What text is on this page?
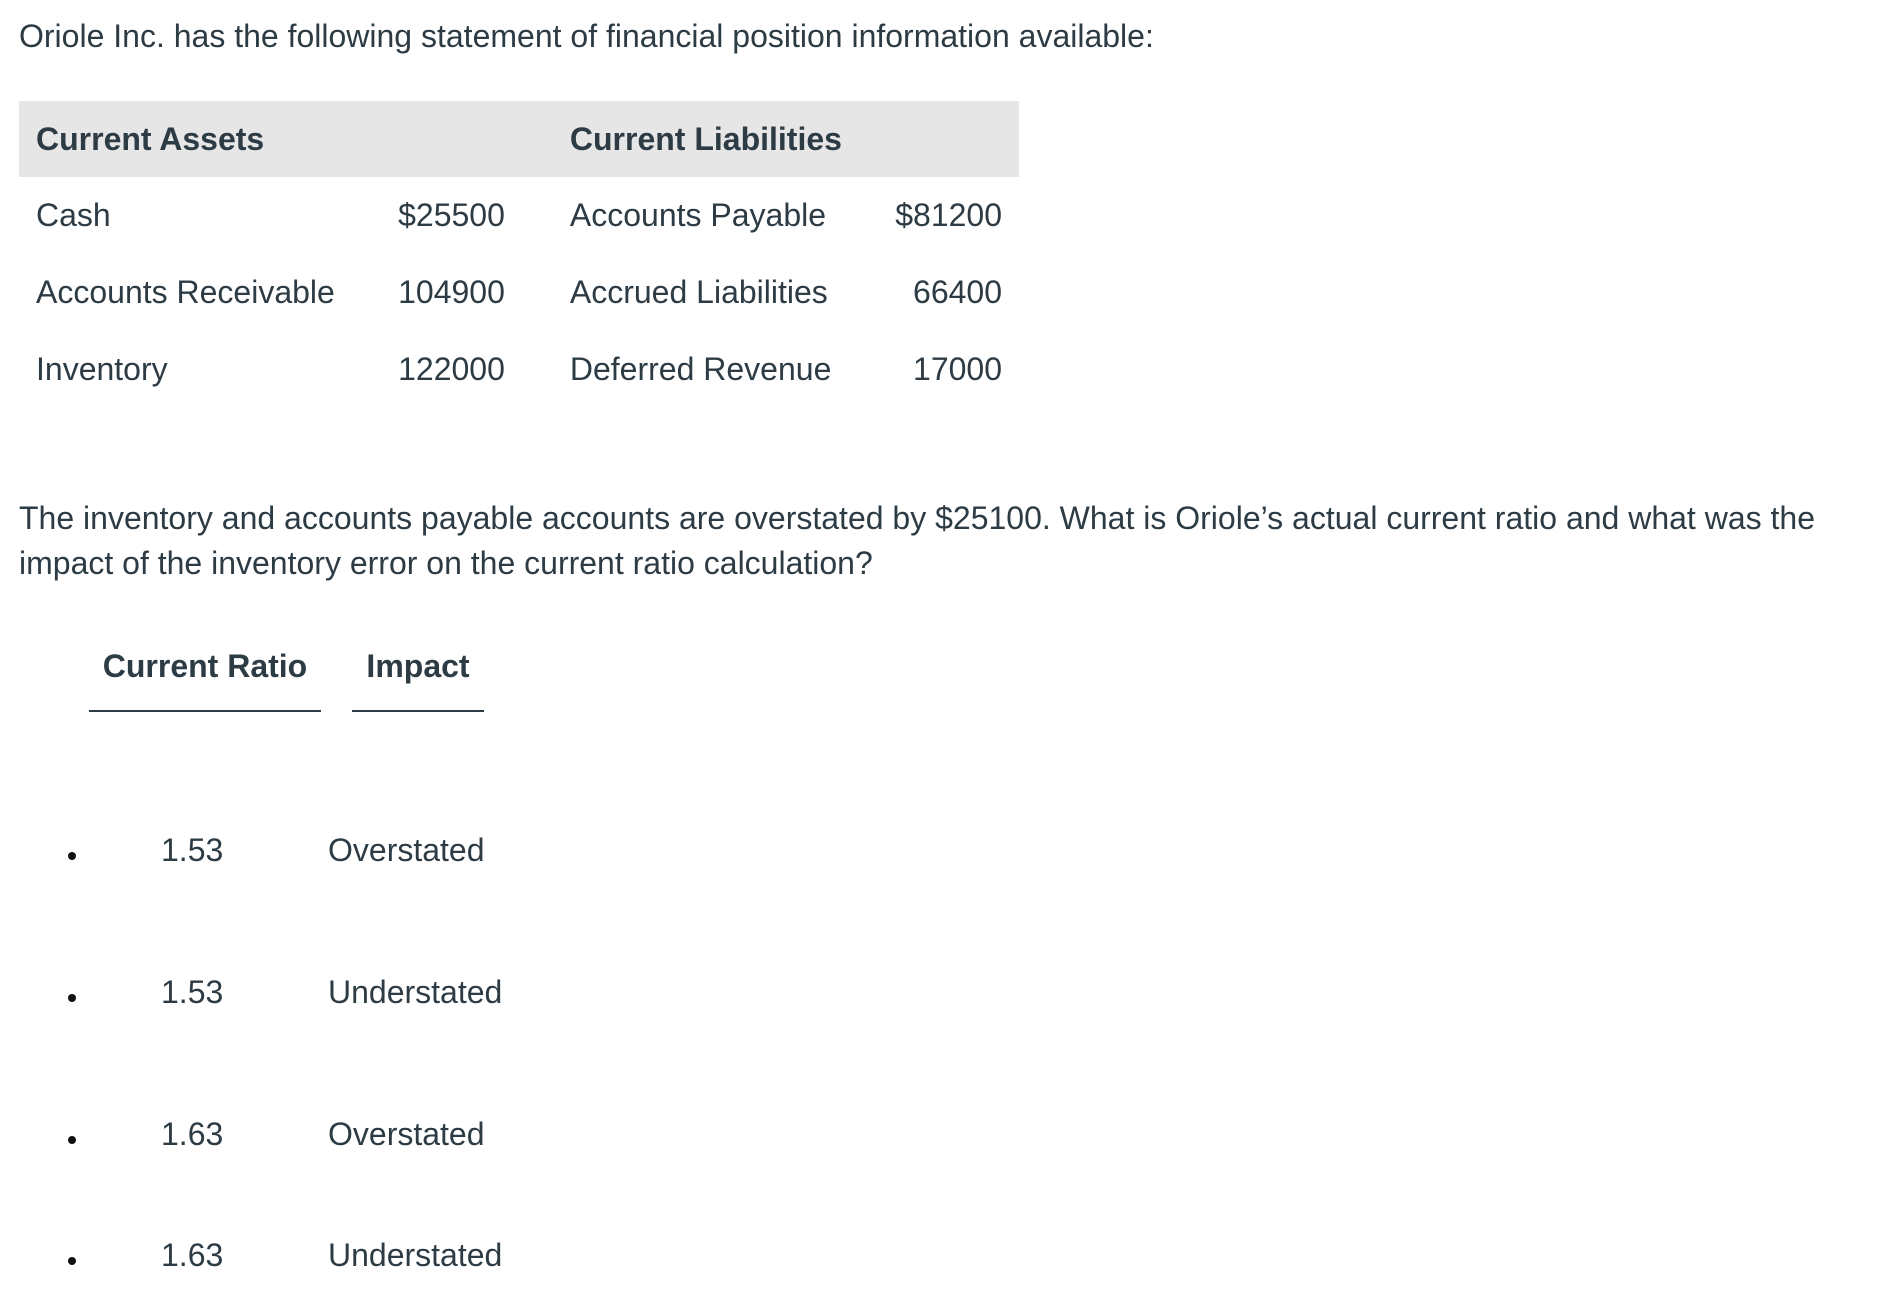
Oriole Inc. has the following statement of financial position information available:

Current Assets		Current Liabilities	
Cash	$25500	Accounts Payable	$81200
Accounts Receivable	104900	Accrued Liabilities	66400
Inventory	122000	Deferred Revenue	17000

The inventory and accounts payable accounts are overstated by $25100. What is Oriole’s actual current ratio and what was the impact of the inventory error on the current ratio calculation?

Current Ratio	Impact
1.53	Overstated
1.53	Understated
1.63	Overstated
1.63	Understated
